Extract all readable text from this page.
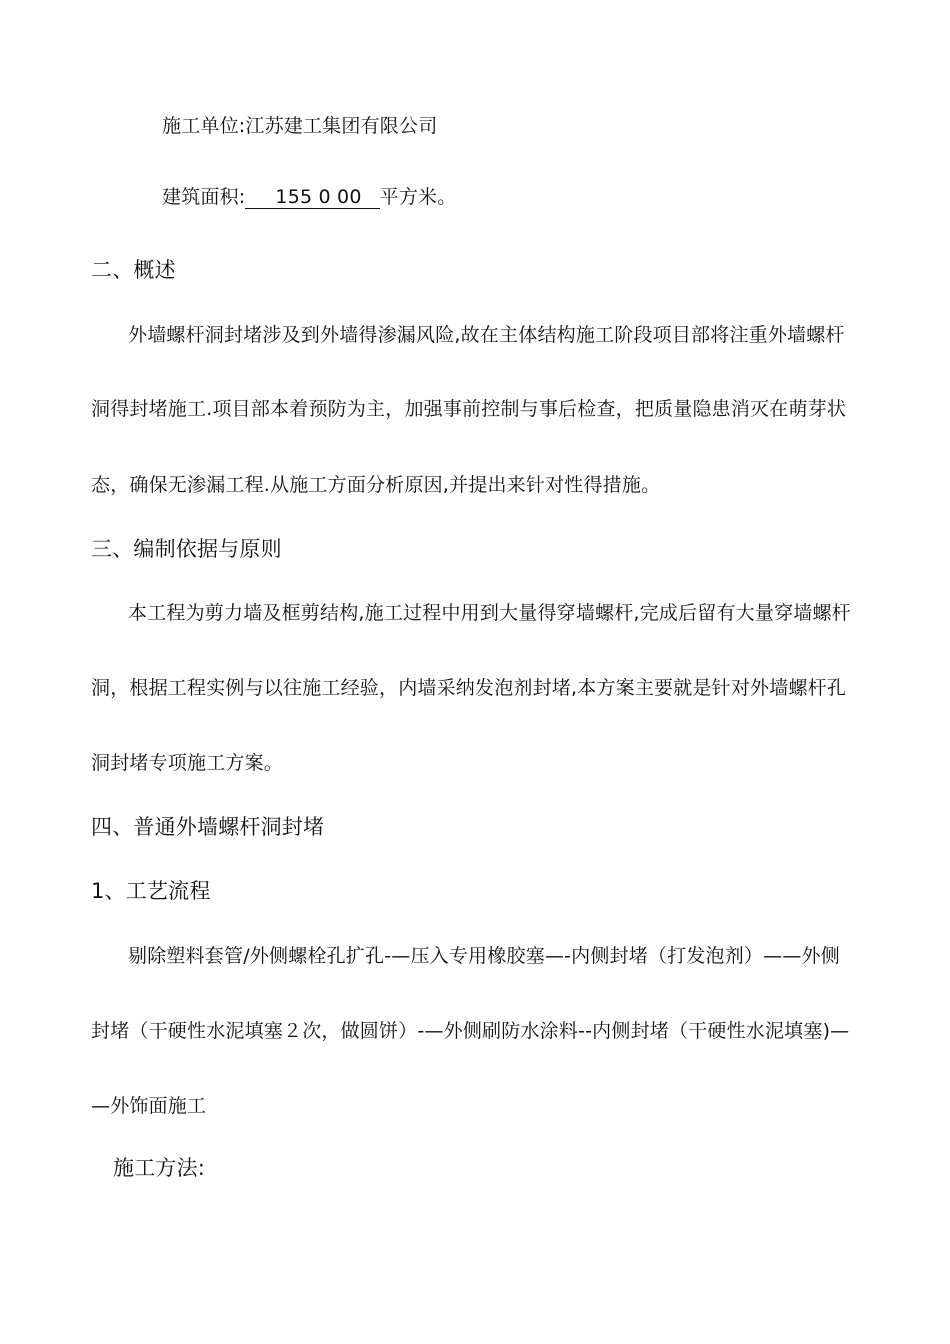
施工单位:江苏建工集团有限公司
建筑面积: 155 0 00 平方米。
二、概述
外墙螺杆洞封堵涉及到外墙得渗漏风险,故在主体结构施工阶段项目部将注重外墙螺杆
洞得封堵施工.项目部本着预防为主，加强事前控制与事后检查，把质量隐患消灭在萌芽状
态，确保无渗漏工程.从施工方面分析原因,并提出来针对性得措施。
三、编制依据与原则
本工程为剪力墙及框剪结构,施工过程中用到大量得穿墙螺杆,完成后留有大量穿墙螺杆
洞，根据工程实例与以往施工经验，内墙采纳发泡剂封堵,本方案主要就是针对外墙螺杆孔
洞封堵专项施工方案。
四、普通外墙螺杆洞封堵
1、工艺流程
剔除塑料套管/外侧螺栓孔扩孔-—压入专用橡胶塞—-内侧封堵（打发泡剂）——外侧
封堵（干硬性水泥填塞２次，做圆饼）-—外侧刷防水涂料--内侧封堵（干硬性水泥填塞)—
—外饰面施工
施工方法:
